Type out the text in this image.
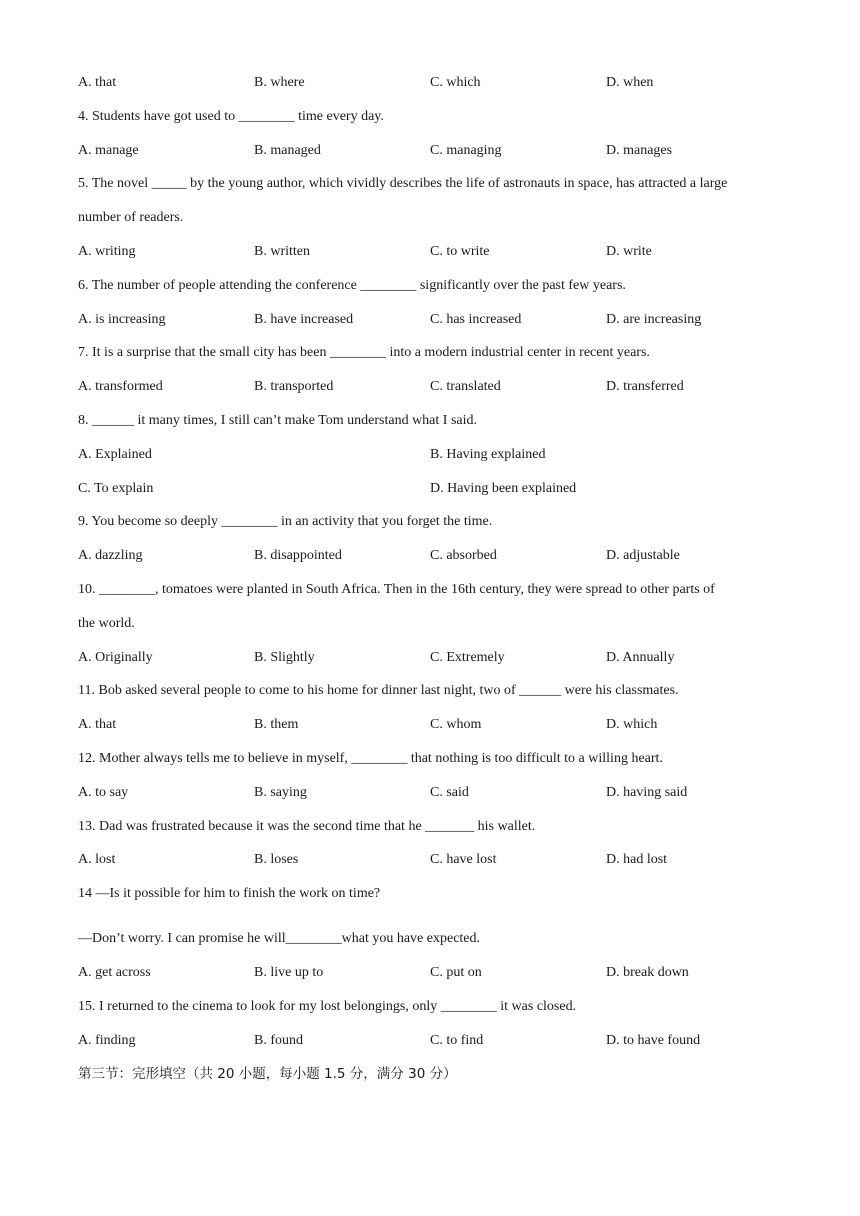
A. that	B. where	C. which	D. when
4. Students have got used to ________ time every day.
A. manage	B. managed	C. managing	D. manages
5. The novel _____ by the young author, which vividly describes the life of astronauts in space, has attracted a large
number of readers.
A. writing	B. written	C. to write	D. write
6. The number of people attending the conference ________ significantly over the past few years.
A. is increasing	B. have increased	C. has increased	D. are increasing
7. It is a surprise that the small city has been ________ into a modern industrial center in recent years.
A. transformed	B. transported	C. translated	D. transferred
8. ______ it many times, I still can’t make Tom understand what I said.
A. Explained	B. Having explained
C. To explain	D. Having been explained
9. You become so deeply ________ in an activity that you forget the time.
A. dazzling	B. disappointed	C. absorbed	D. adjustable
10. ________, tomatoes were planted in South Africa. Then in the 16th century, they were spread to other parts of
the world.
A. Originally	B. Slightly	C. Extremely	D. Annually
11. Bob asked several people to come to his home for dinner last night, two of ______ were his classmates.
A. that	B. them	C. whom	D. which
12. Mother always tells me to believe in myself, ________ that nothing is too difficult to a willing heart.
A. to say	B. saying	C. said	D. having said
13. Dad was frustrated because it was the second time that he _______ his wallet.
A. lost	B. loses	C. have lost	D. had lost
14 —Is it possible for him to finish the work on time?
—Don’t worry. I can promise he will________what you have expected.
A. get across	B. live up to	C. put on	D. break down
15. I returned to the cinema to look for my lost belongings, only ________ it was closed.
A. finding	B. found	C. to find	D. to have found
第三节：完形填空（共 20 小题，每小题 1.5 分，满分 30 分）
